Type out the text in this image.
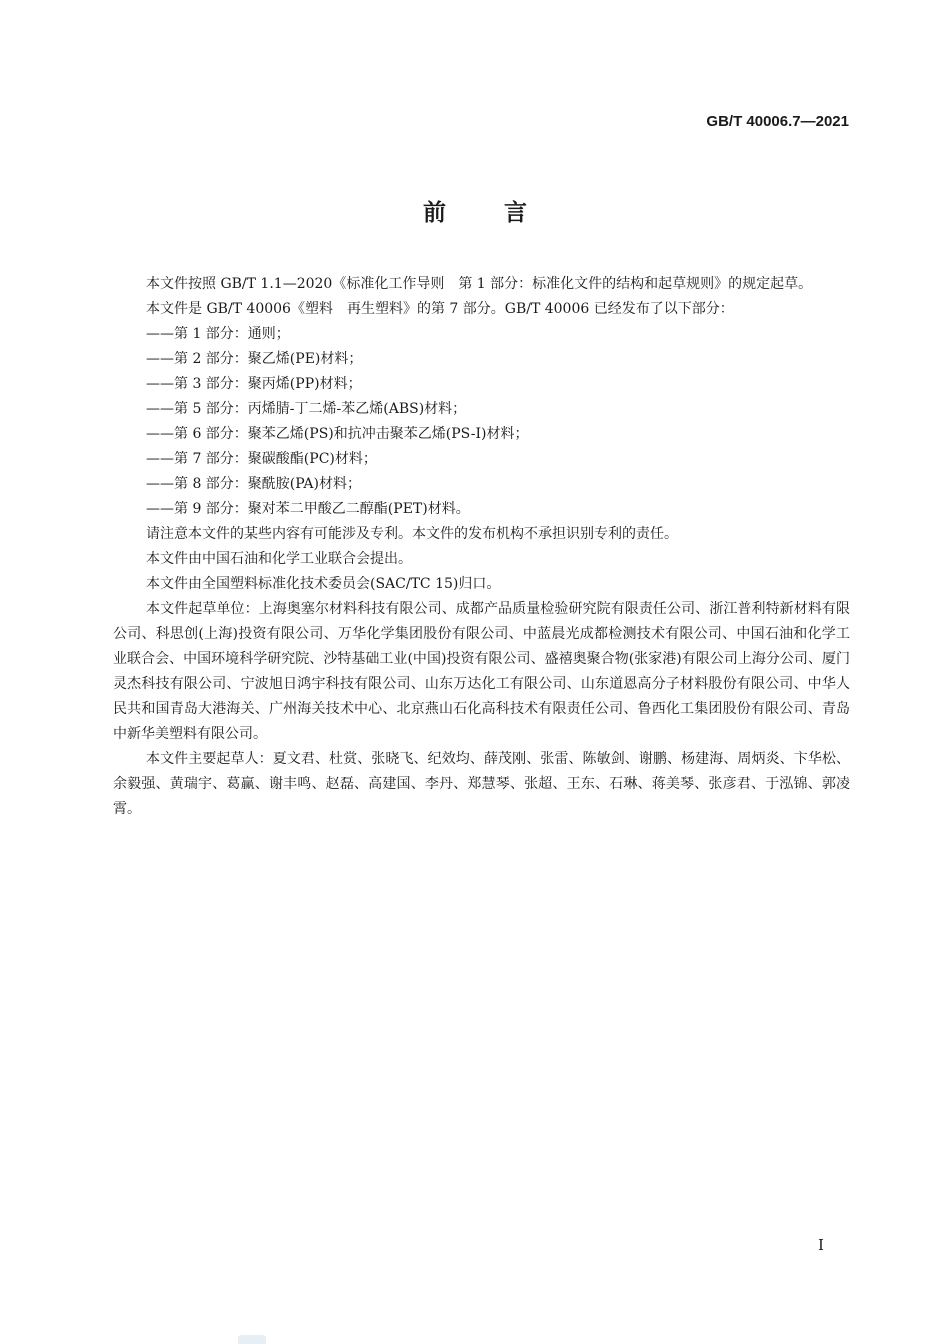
GB/T 40006.7—2021
前言

本文件按照 GB/T 1.1—2020《标准化工作导则　第 1 部分：标准化文件的结构和起草规则》的规定起草。

本文件是 GB/T 40006《塑料　再生塑料》的第 7 部分。GB/T 40006 已经发布了以下部分：

——第 1 部分：通则；

——第 2 部分：聚乙烯(PE)材料；

——第 3 部分：聚丙烯(PP)材料；

——第 5 部分：丙烯腈-丁二烯-苯乙烯(ABS)材料；

——第 6 部分：聚苯乙烯(PS)和抗冲击聚苯乙烯(PS-I)材料；

——第 7 部分：聚碳酸酯(PC)材料；

——第 8 部分：聚酰胺(PA)材料；

——第 9 部分：聚对苯二甲酸乙二醇酯(PET)材料。

请注意本文件的某些内容有可能涉及专利。本文件的发布机构不承担识别专利的责任。

本文件由中国石油和化学工业联合会提出。

本文件由全国塑料标准化技术委员会(SAC/TC 15)归口。

本文件起草单位：上海奥塞尔材料科技有限公司、成都产品质量检验研究院有限责任公司、浙江普利特新材料有限公司、科思创(上海)投资有限公司、万华化学集团股份有限公司、中蓝晨光成都检测技术有限公司、中国石油和化学工业联合会、中国环境科学研究院、沙特基础工业(中国)投资有限公司、盛禧奥聚合物(张家港)有限公司上海分公司、厦门灵杰科技有限公司、宁波旭日鸿宇科技有限公司、山东万达化工有限公司、山东道恩高分子材料股份有限公司、中华人民共和国青岛大港海关、广州海关技术中心、北京燕山石化高科技术有限责任公司、鲁西化工集团股份有限公司、青岛中新华美塑料有限公司。

本文件主要起草人：夏文君、杜赏、张晓飞、纪效均、薛茂刚、张雷、陈敏剑、谢鹏、杨建海、周炳炎、卞华松、余毅强、黄瑞宇、葛赢、谢丰鸣、赵磊、高建国、李丹、郑慧琴、张超、王东、石琳、蒋美琴、张彦君、于泓锦、郭凌霄。

I
